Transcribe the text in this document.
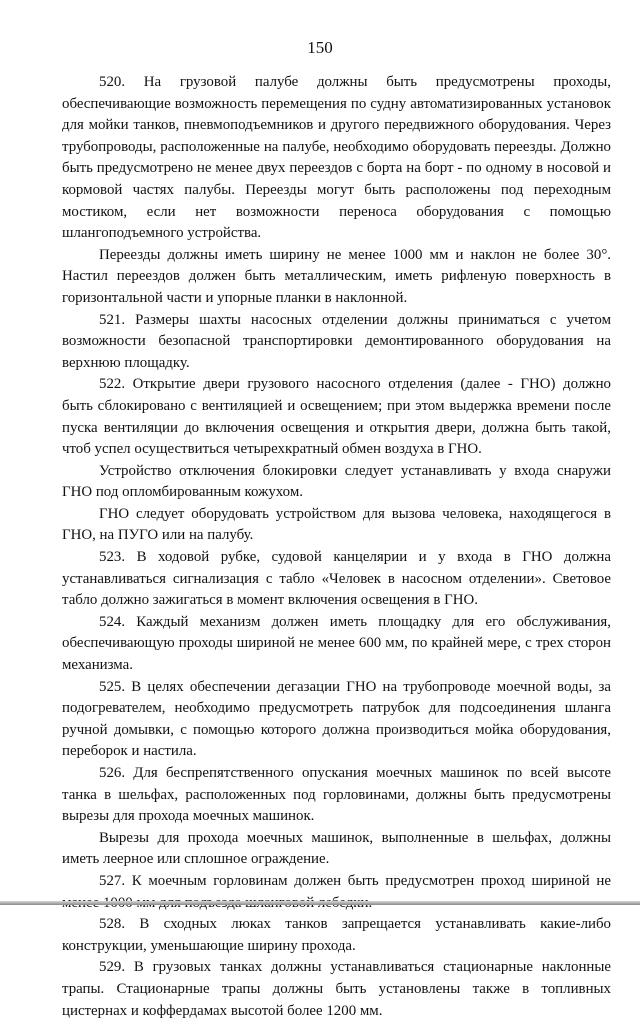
150

520. На грузовой палубе должны быть предусмотрены проходы, обеспечивающие возможность перемещения по судну автоматизированных установок для мойки танков, пневмоподъемников и другого передвижного оборудования. Через трубопроводы, расположенные на палубе, необходимо оборудовать переезды. Должно быть предусмотрено не менее двух переездов с борта на борт - по одному в носовой и кормовой частях палубы. Переезды могут быть расположены под переходным мостиком, если нет возможности переноса оборудования с помощью шлангоподъемного устройства.

Переезды должны иметь ширину не менее 1000 мм и наклон не более 30°. Настил переездов должен быть металлическим, иметь рифленую поверхность в горизонтальной части и упорные планки в наклонной.

521. Размеры шахты насосных отделении должны приниматься с учетом возможности безопасной транспортировки демонтированного оборудования на верхнюю площадку.

522. Открытие двери грузового насосного отделения (далее - ГНО) должно быть сблокировано с вентиляцией и освещением; при этом выдержка времени после пуска вентиляции до включения освещения и открытия двери, должна быть такой, чтоб успел осуществиться четырехкратный обмен воздуха в ГНО.

Устройство отключения блокировки следует устанавливать у входа снаружи ГНО под опломбированным кожухом.

ГНО следует оборудовать устройством для вызова человека, находящегося в ГНО, на ПУГО или на палубу.

523. В ходовой рубке, судовой канцелярии и у входа в ГНО должна устанавливаться сигнализация с табло «Человек в насосном отделении». Световое табло должно зажигаться в момент включения освещения в ГНО.

524. Каждый механизм должен иметь площадку для его обслуживания, обеспечивающую проходы шириной не менее 600 мм, по крайней мере, с трех сторон механизма.

525. В целях обеспечении дегазации ГНО на трубопроводе моечной воды, за подогревателем, необходимо предусмотреть патрубок для подсоединения шланга ручной домывки, с помощью которого должна производиться мойка оборудования, переборок и настила.

526. Для беспрепятственного опускания моечных машинок по всей высоте танка в шельфах, расположенных под горловинами, должны быть предусмотрены вырезы для прохода моечных машинок.

Вырезы для прохода моечных машинок, выполненные в шельфах, должны иметь леерное или сплошное ограждение.

527. К моечным горловинам должен быть предусмотрен проход шириной не

528. В сходных люках танков запрещается устанавливать какие-либо конструкции, уменьшающие ширину прохода.

529. В грузовых танках должны устанавливаться стационарные наклонные трапы. Стационарные трапы должны быть установлены также в топливных цистернах и коффердамах высотой более 1200 мм.
